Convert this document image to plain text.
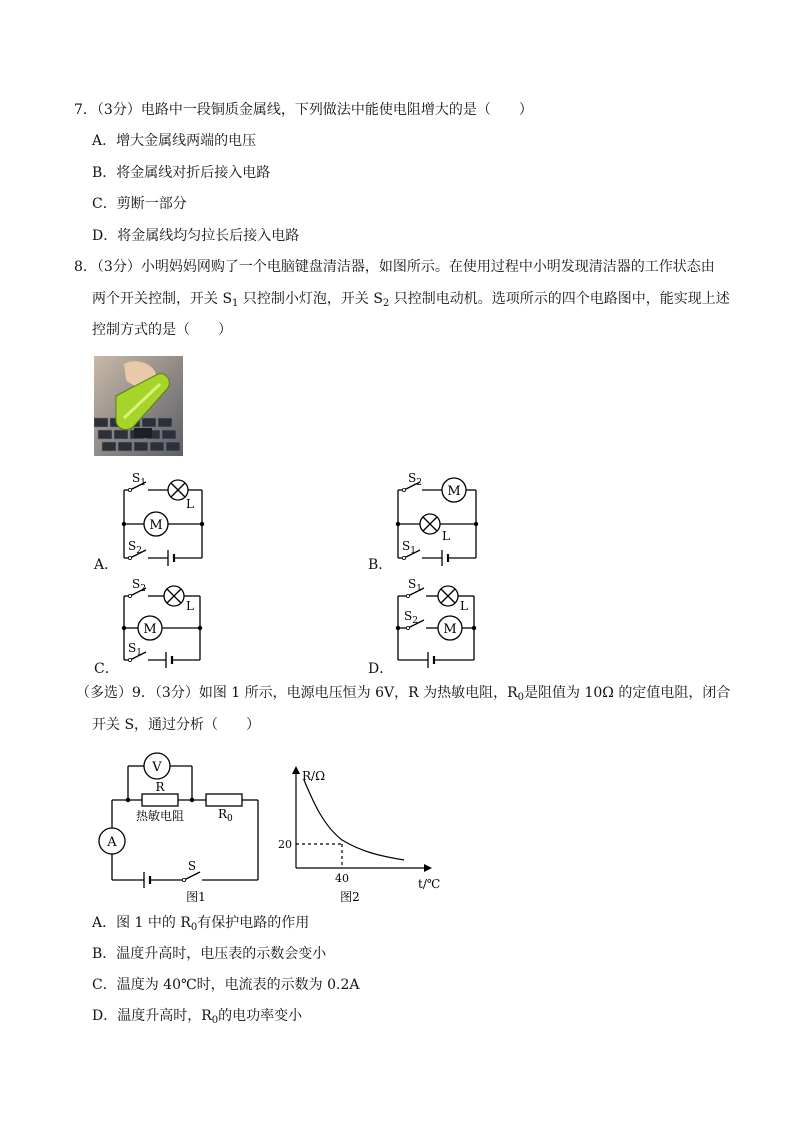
7．（3分）电路中一段铜质金属线，下列做法中能使电阻增大的是（　　）
A．增大金属线两端的电压
B．将金属线对折后接入电路
C．剪断一部分
D．将金属线均匀拉长后接入电路
8．（3分）小明妈妈网购了一个电脑键盘清洁器，如图所示。在使用过程中小明发现清洁器的工作状态由
两个开关控制，开关 $S_1$ 只控制小灯泡，开关 $S_2$ 只控制电动机。选项所示的四个电路图中，能实现上述
控制方式的是（　　）
M
L
$S_1$
$S_2$
A．
M
L
$S_2$
$S_1$
B．
M
L
$S_2$
$S_1$
C．
M
L
$S_1$
$S_2$
D．
（多选）9．（3分）如图 1 所示，电源电压恒为 6V，R 为热敏电阻，$R_0$是阻值为 10Ω 的定值电阻，闭合
开关 S，通过分析（　　）
V
A
R
热敏电阻	$R_0$
S
图1
R/Ω
t/℃
20
40
图2
A．图 1 中的 $R_0$有保护电路的作用
B．温度升高时，电压表的示数会变小
C．温度为 40℃时，电流表的示数为 0.2A
D．温度升高时，$R_0$的电功率变小
